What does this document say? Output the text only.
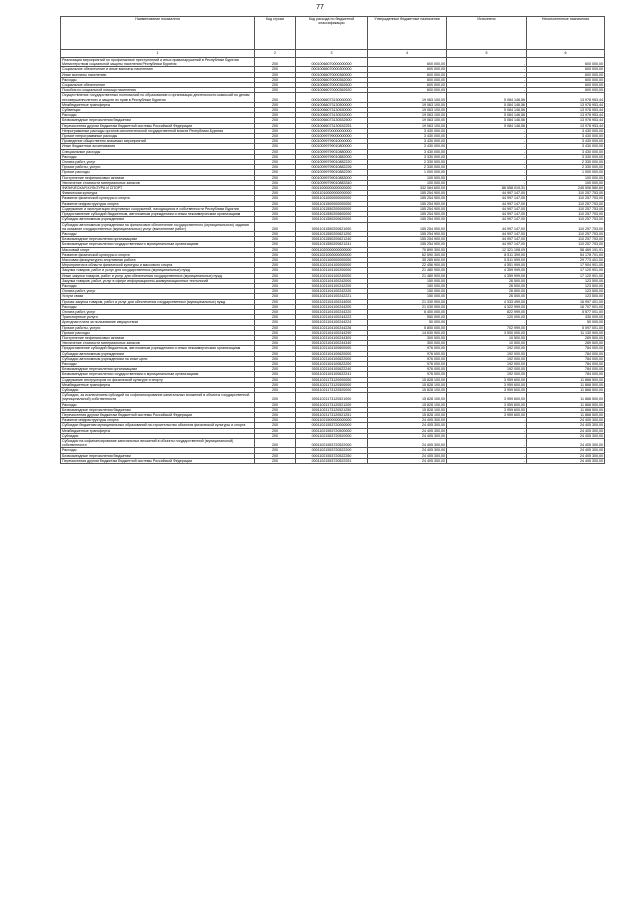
77
Наименование показателя	Код строки	Код расхода по бюджетной классификации	Утвержденные бюджетные назначения	Исполнено	Неисполненные назначения
1	2	3	4	5	6
Реализация мероприятий по профилактике преступлений и иных правонарушений в Республике Бурятия Министерством социальной защиты населения Республики Бурятия	200	00010066070000000000	600 000,00	-	600 000,00
Социальное обеспечение и иные выплаты населению	200	00010066070000300000	600 000,00	-	600 000,00
Иные выплаты населению	200	00010066070000360000	600 000,00	-	600 000,00
Расходы	200	00010066070000362000	600 000,00	-	600 000,00
Социальное обеспечение	200	00010066070000362600	600 000,00	-	600 000,00
Пособия по социальной помощи населению	200	00010066070000362620	600 000,00	-	600 000,00
Осуществление государственных полномочий по образованию и организации деятельности комиссий по делам несовершеннолетних и защите их прав в Республике Бурятия	200	00010066073130000000	19 063 100,00	5 084 146,56	13 978 953,44
Межбюджетные трансферты	200	00010066073130500000	19 063 100,00	5 084 146,56	13 978 953,44
Субвенции	200	00010066073130530000	19 063 100,00	5 084 146,56	13 978 953,44
Расходы	200	00010066073130532000	19 063 100,00	5 084 146,56	13 978 953,44
Безвозмездные перечисления бюджетам	200	00010066073130532500	19 063 100,00	5 084 146,56	13 978 953,44
Перечисления другим бюджетам бюджетной системы Российской Федерации	200	00010066073130532251	19 063 100,00	5 084 146,56	13 978 953,44
Непрограммные расходы органов исполнительной государственной власти Республики Бурятия	200	00010099700000000000	3 430 000,00	-	3 430 000,00
Прочие непрограммные расходы	200	00010099799000000000	3 430 000,00	-	3 430 000,00
Проведение общественно значимых мероприятий	200	00010099799010000000	3 430 000,00	-	3 430 000,00
Иные бюджетные ассигнования	200	00010099799010800000	3 430 000,00	-	3 430 000,00
Специальные расходы	200	00010099799010880000	3 430 000,00	-	3 430 000,00
Расходы	200	00010099799010882000	3 330 000,00	-	3 330 000,00
Оплата работ, услуг	200	00010099799010882220	2 330 000,00	-	2 330 000,00
Прочие работы, услуги	200	00010099799010882226	2 330 000,00	-	2 330 000,00
Прочие расходы	200	00010099799010882290	1 000 000,00	-	1 000 000,00
Поступление нефинансовых активов	200	00010099799010883000	100 000,00	-	100 000,00
Увеличение стоимости материальных запасов	200	00010099799010883340	100 000,00	-	100 000,00
ФИЗИЧЕСКАЯ КУЛЬТУРА И СПОРТ	200	00011000000000000000	332 064 600,00	86 558 019,31	245 506 580,69
Физическая культура	200	00011010000000000000	155 254 900,00	44 997 147,00	110 257 753,00
Развитие физической культуры и спорта	200	00011011000000000000	155 254 900,00	44 997 147,00	110 257 753,00
Развитие инфраструктуры спорта	200	00011011500000000000	155 254 900,00	44 997 147,00	110 257 753,00
Содержание и эксплуатация спортивных сооружений, находящихся в собственности Республики Бурятия	200	00011011550200000000	155 254 900,00	44 997 147,00	110 257 753,00
Предоставление субсидий бюджетным, автономным учреждениям и иным некоммерческим организациям	200	00011011550200600000	155 254 900,00	44 997 147,00	110 257 753,00
Субсидии автономным учреждениям	200	00011011550200620000	155 254 900,00	44 997 147,00	110 257 753,00
Субсидии автономным учреждениям на финансовое обеспечение государственного (муниципального) задания на оказание государственных (муниципальных) услуг (выполнение работ)	200	00011011550200621000	155 254 900,00	44 997 147,00	110 257 753,00
Расходы	200	00011011550200621200	155 254 900,00	44 997 147,00	110 257 753,00
Безвозмездные перечисления организациям	200	00011011550200621240	155 254 900,00	44 997 147,00	110 257 753,00
Безвозмездные перечисления государственным и муниципальным организациям	200	00011011550200621241	155 254 900,00	44 997 147,00	110 257 753,00
Массовый спорт	200	00011020000000000000	70 890 300,00	12 321 108,09	58 469 191,91
Развитие физической культуры и спорта	200	00011021000000000000	62 590 300,00	8 511 399,00	54 178 701,00
Массовая физкультурно-спортивная работа	200	00011021100000000000	35 285 600,00	5 511 599,00	29 773 401,00
Мероприятия в области физической культуры и массового спорта	200	00011021104100000000	22 456 900,00	4 551 999,00	17 904 901,00
Закупка товаров, работ и услуг для государственных (муниципальных) нужд	200	00011021104100200000	21 480 900,00	4 359 999,00	17 120 901,00
Иные закупки товаров, работ и услуг для обеспечения государственных (муниципальных) нужд	200	00011021104100240000	21 480 900,00	4 359 999,00	17 120 901,00
Закупка товаров, работ, услуг в сфере информационно-коммуникационных технологий	200	00011021104100242000	150 000,00	26 500,00	123 500,00
Расходы	200	00011021104100242200	150 000,00	26 500,00	123 500,00
Оплата работ, услуг	200	00011021104100242220	150 000,00	26 500,00	123 500,00
Услуги связи	200	00011021104100242221	150 000,00	26 500,00	123 500,00
Прочая закупка товаров, работ и услуг для обеспечения государственных (муниципальных) нужд	200	00011021104100244000	21 330 900,00	4 333 499,00	16 997 401,00
Расходы	200	00011021104100244200	21 030 900,00	4 322 999,00	16 707 901,00
Оплата работ, услуг	200	00011021104100244220	6 400 000,00	822 999,00	5 577 001,00
Транспортные услуги	200	00011021104100244222	550 000,00	120 000,00	430 000,00
Арендная плата за пользование имуществом	200	00011021104100244224	50 000,00	-	50 000,00
Прочие работы, услуги	200	00011021104100244226	5 800 000,00	702 999,00	5 097 001,00
Прочие расходы	200	00011021104100244290	14 630 900,00	3 500 000,00	11 130 900,00
Поступление нефинансовых активов	200	00011021104100244300	300 000,00	10 500,00	289 500,00
Увеличение стоимости материальных запасов	200	00011021104100244340	300 000,00	10 500,00	289 500,00
Предоставление субсидий бюджетным, автономным учреждениям и иным некоммерческим организациям	200	00011021104100600000	976 000,00	192 000,00	784 000,00
Субсидии автономным учреждениям	200	00011021104100620000	976 000,00	192 000,00	784 000,00
Субсидии автономным учреждениям на иные цели	200	00011021104100622000	976 000,00	192 000,00	784 000,00
Расходы	200	00011021104100622200	976 000,00	192 000,00	784 000,00
Безвозмездные перечисления организациям	200	00011021104100622240	976 000,00	192 000,00	784 000,00
Безвозмездные перечисления государственным и муниципальным организациям	200	00011021104100622241	976 000,00	192 000,00	784 000,00
Содержание инструкторов по физической культуре и спорту	200	00011021173120000000	15 828 100,00	3 959 600,00	11 868 500,00
Межбюджетные трансферты	200	00011021173120500000	15 828 100,00	3 959 600,00	11 868 500,00
Субсидии	200	00011021173120520000	15 828 100,00	3 959 600,00	11 868 500,00
Субсидии, за исключением субсидий на софинансирование капитальных вложений в объекты государственной (муниципальной) собственности	200	00011021173120521000	15 828 100,00	3 959 600,00	11 868 500,00
Расходы	200	00011021173120521200	15 828 100,00	3 959 600,00	11 868 500,00
Безвозмездные перечисления бюджетам	200	00011021173120521250	15 828 100,00	3 959 600,00	11 868 500,00
Перечисления другим бюджетам бюджетной системы Российской Федерации	200	00011021173120521251	15 828 100,00	3 959 600,00	11 868 500,00
Развитие инфраструктуры спорта	200	00011021500000000000	24 405 300,00	-	24 405 300,00
Субсидии бюджетам муниципальных образований на строительство объектов физической культуры и спорта	200	00011021553720000000	24 405 300,00	-	24 405 300,00
Межбюджетные трансферты	200	00011021553720500000	24 405 300,00	-	24 405 300,00
Субсидии	200	00011021553720520000	24 405 300,00	-	24 405 300,00
Субсидии на софинансирование капитальных вложений в объекты государственной (муниципальной) собственности	200	00011021553720522000	24 405 300,00	-	24 405 300,00
Расходы	200	00011021553720522200	24 405 300,00	-	24 405 300,00
Безвозмездные перечисления бюджетам	200	00011021553720522250	24 405 300,00	-	24 405 300,00
Перечисления другим бюджетам бюджетной системы Российской Федерации	200	00011021553720522251	24 405 300,00	-	24 405 300,00
